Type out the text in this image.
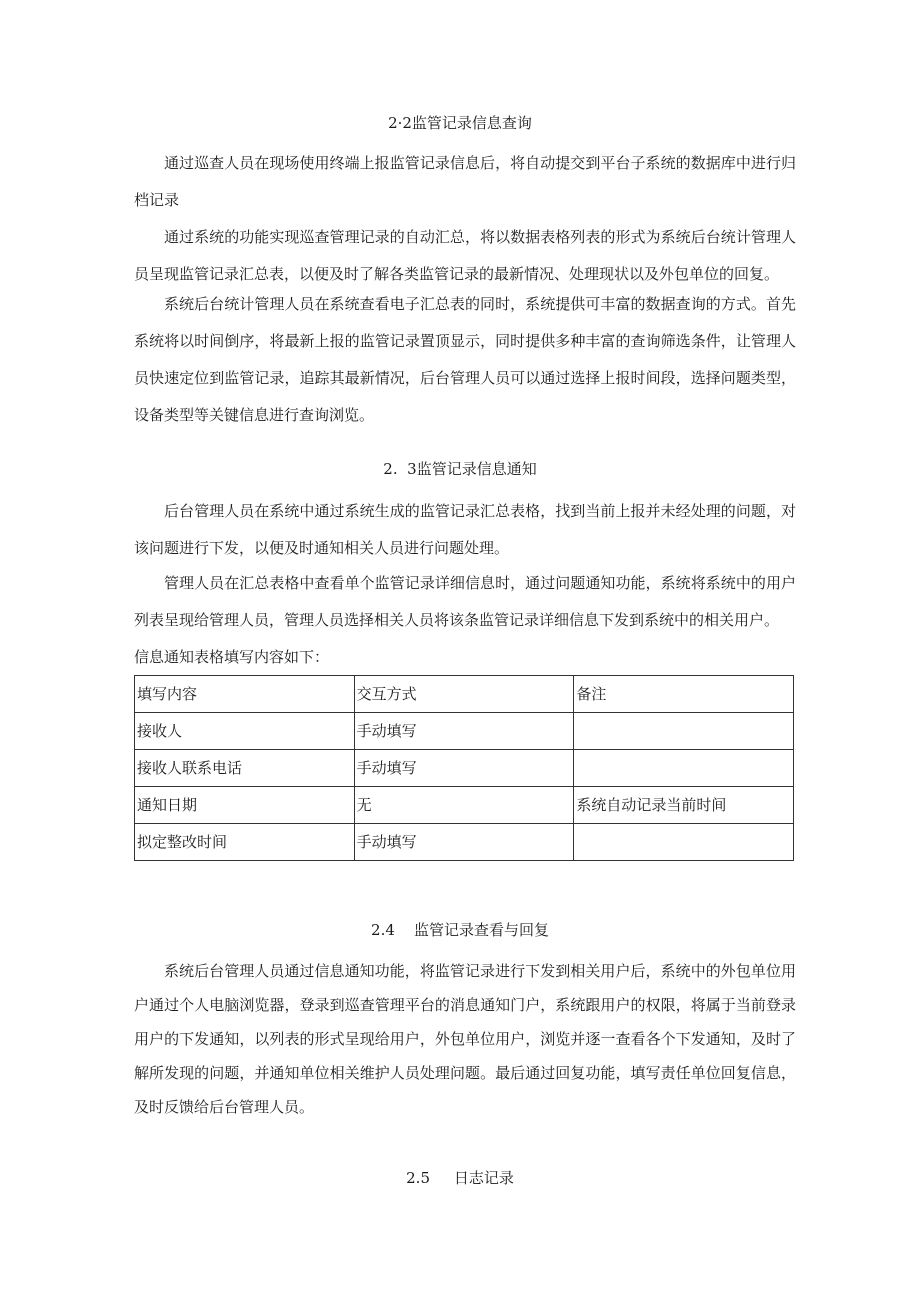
2·2监管记录信息查询

通过巡查人员在现场使用终端上报监管记录信息后，将自动提交到平台子系统的数据库中进行归档记录

通过系统的功能实现巡查管理记录的自动汇总，将以数据表格列表的形式为系统后台统计管理人员呈现监管记录汇总表，以便及时了解各类监管记录的最新情况、处理现状以及外包单位的回复。

系统后台统计管理人员在系统查看电子汇总表的同时，系统提供可丰富的数据查询的方式。首先系统将以时间倒序，将最新上报的监管记录置顶显示，同时提供多种丰富的查询筛选条件，让管理人员快速定位到监管记录，追踪其最新情况，后台管理人员可以通过选择上报时间段，选择问题类型，设备类型等关键信息进行查询浏览。

2.  3监管记录信息通知

后台管理人员在系统中通过系统生成的监管记录汇总表格，找到当前上报并未经处理的问题，对该问题进行下发，以便及时通知相关人员进行问题处理。

管理人员在汇总表格中查看单个监管记录详细信息时，通过问题通知功能，系统将系统中的用户列表呈现给管理人员，管理人员选择相关人员将该条监管记录详细信息下发到系统中的相关用户。

信息通知表格填写内容如下：

填写内容	交互方式	备注
接收人	手动填写	
接收人联系电话	手动填写	
通知日期	无	系统自动记录当前时间
拟定整改时间	手动填写	
2.4    监管记录查看与回复

系统后台管理人员通过信息通知功能，将监管记录进行下发到相关用户后，系统中的外包单位用户通过个人电脑浏览器，登录到巡查管理平台的消息通知门户，系统跟用户的权限，将属于当前登录用户的下发通知，以列表的形式呈现给用户，外包单位用户，浏览并逐一查看各个下发通知，及时了解所发现的问题，并通知单位相关维护人员处理问题。最后通过回复功能，填写责任单位回复信息，及时反馈给后台管理人员。

2.5     日志记录
